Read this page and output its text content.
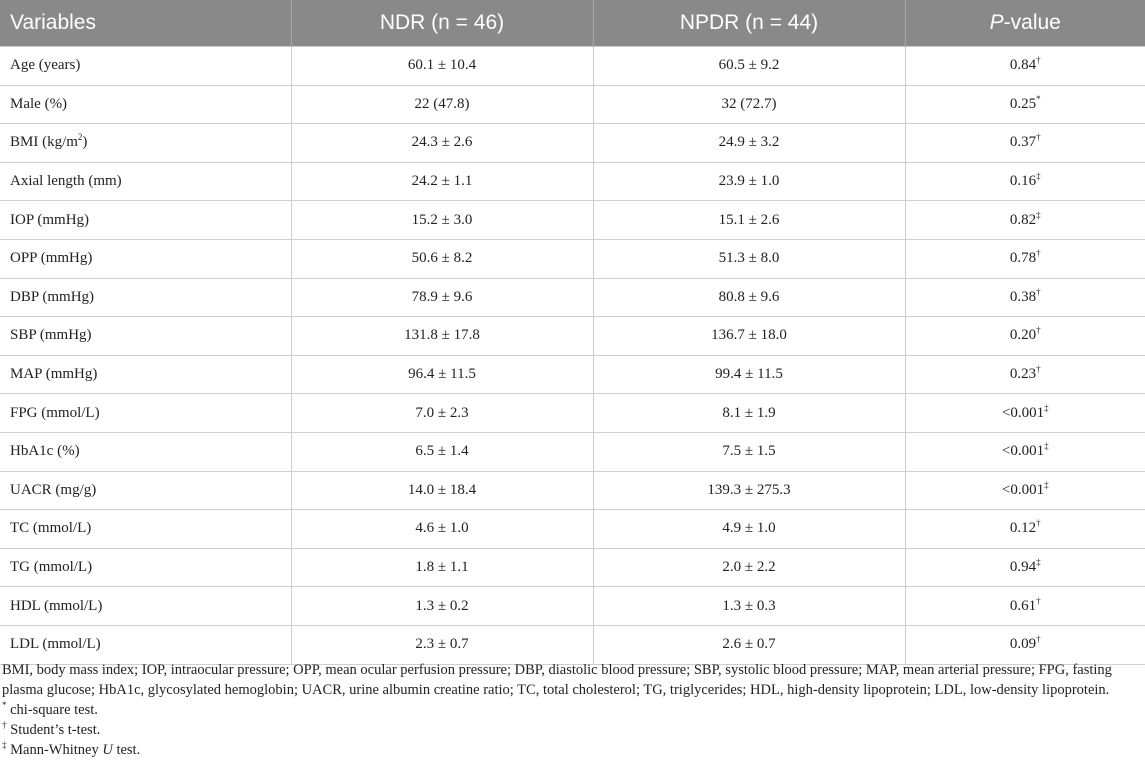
Variables	NDR (n = 46)	NPDR (n = 44)	P-value
Age (years)	60.1 ± 10.4	60.5 ± 9.2	0.84†
Male (%)	22 (47.8)	32 (72.7)	0.25*
BMI $(kg/m^2)$	24.3 ± 2.6	24.9 ± 3.2	0.37†
Axial length (mm)	24.2 ± 1.1	23.9 ± 1.0	0.16‡
IOP (mmHg)	15.2 ± 3.0	15.1 ± 2.6	0.82‡
OPP (mmHg)	50.6 ± 8.2	51.3 ± 8.0	0.78†
DBP (mmHg)	78.9 ± 9.6	80.8 ± 9.6	0.38†
SBP (mmHg)	131.8 ± 17.8	136.7 ± 18.0	0.20†
MAP (mmHg)	96.4 ± 11.5	99.4 ± 11.5	0.23†
FPG (mmol/L)	7.0 ± 2.3	8.1 ± 1.9	<0.001‡
HbA1c (%)	6.5 ± 1.4	7.5 ± 1.5	<0.001‡
UACR (mg/g)	14.0 ± 18.4	139.3 ± 275.3	<0.001‡
TC (mmol/L)	4.6 ± 1.0	4.9 ± 1.0	0.12†
TG (mmol/L)	1.8 ± 1.1	2.0 ± 2.2	0.94‡
HDL (mmol/L)	1.3 ± 0.2	1.3 ± 0.3	0.61†
LDL (mmol/L)	2.3 ± 0.7	2.6 ± 0.7	0.09†

BMI, body mass index; IOP, intraocular pressure; OPP, mean ocular perfusion pressure; DBP, diastolic blood pressure; SBP, systolic blood pressure; MAP, mean arterial pressure; FPG, fasting plasma glucose; HbA1c, glycosylated hemoglobin; UACR, urine albumin creatine ratio; TC, total cholesterol; TG, triglycerides; HDL, high-density lipoprotein; LDL, low-density lipoprotein.

* chi-square test.

† Student’s t-test.

‡ Mann-Whitney U test.
